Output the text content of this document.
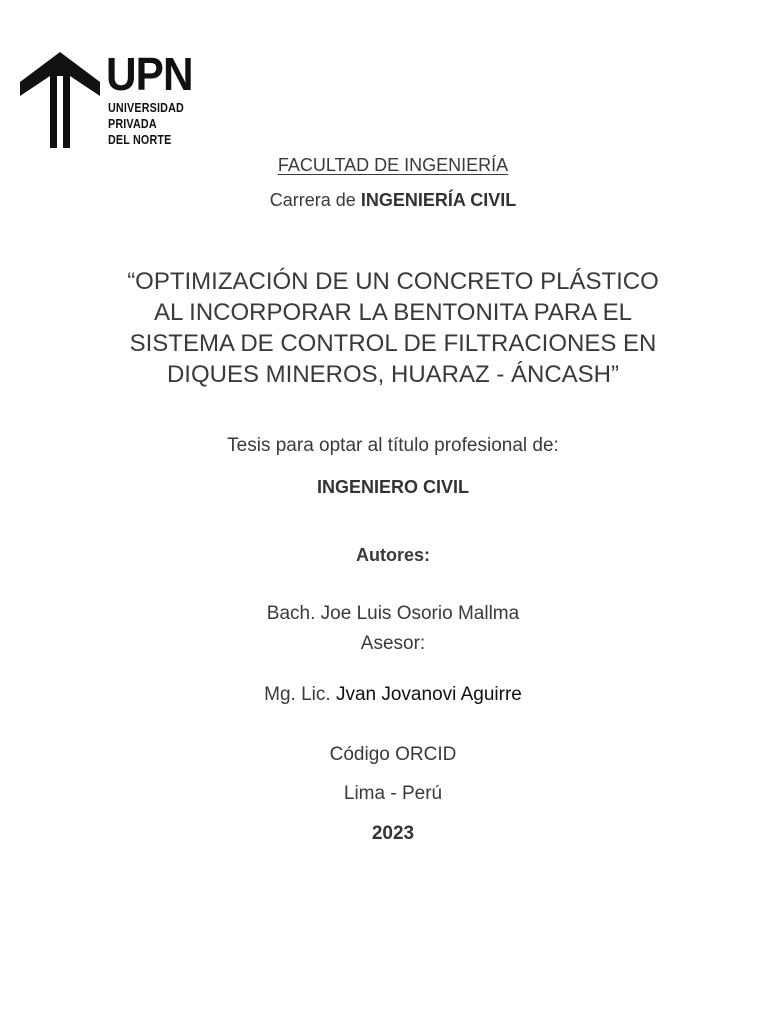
UPN
UNIVERSIDAD
PRIVADA
DEL NORTE
FACULTAD DE INGENIERÍA
Carrera de INGENIERÍA CIVIL
“OPTIMIZACIÓN DE UN CONCRETO PLÁSTICO
AL INCORPORAR LA BENTONITA PARA EL
SISTEMA DE CONTROL DE FILTRACIONES EN
DIQUES MINEROS, HUARAZ - ÁNCASH”
Tesis para optar al título profesional de:
INGENIERO CIVIL
Autores:
Bach. Joe Luis Osorio Mallma
Asesor:
Mg. Lic. Jvan Jovanovi Aguirre
Código ORCID
Lima - Perú
2023
